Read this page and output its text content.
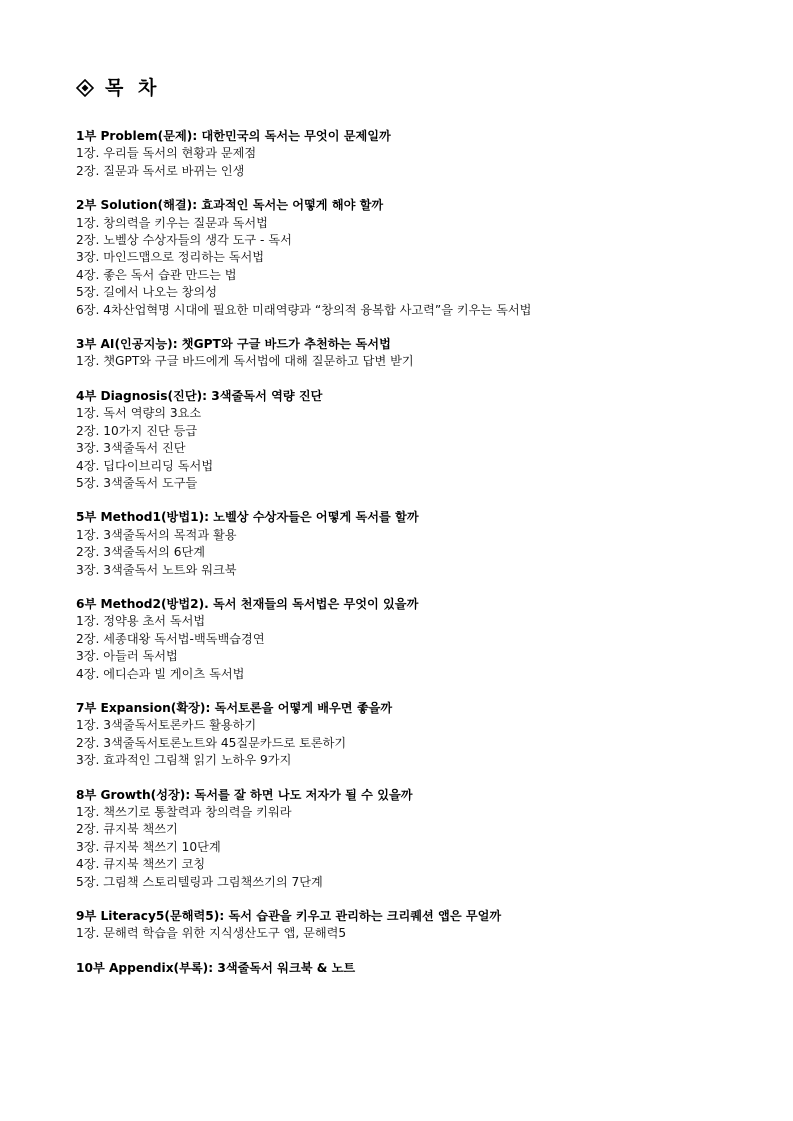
목 차
1부 Problem(문제): 대한민국의 독서는 무엇이 문제일까
1장. 우리들 독서의 현황과 문제점
2장. 질문과 독서로 바뀌는 인생
2부 Solution(해결): 효과적인 독서는 어떻게 해야 할까
1장. 창의력을 키우는 질문과 독서법
2장. 노벨상 수상자들의 생각 도구 - 독서
3장. 마인드맵으로 정리하는 독서법
4장. 좋은 독서 습관 만드는 법
5장. 길에서 나오는 창의성
6장. 4차산업혁명 시대에 필요한 미래역량과 “창의적 융복합 사고력”을 키우는 독서법
3부 AI(인공지능): 챗GPT와 구글 바드가 추천하는 독서법
1장. 챗GPT와 구글 바드에게 독서법에 대해 질문하고 답변 받기
4부 Diagnosis(진단): 3색줄독서 역량 진단
1장. 독서 역량의 3요소
2장. 10가지 진단 등급
3장. 3색줄독서 진단
4장. 딥다이브리딩 독서법
5장. 3색줄독서 도구들
5부 Method1(방법1): 노벨상 수상자들은 어떻게 독서를 할까
1장. 3색줄독서의 목적과 활용
2장. 3색줄독서의 6단계
3장. 3색줄독서 노트와 워크북
6부 Method2(방법2). 독서 천재들의 독서법은 무엇이 있을까
1장. 정약용 초서 독서법
2장. 세종대왕 독서법-백독백습경연
3장. 아들러 독서법
4장. 에디슨과 빌 게이츠 독서법
7부 Expansion(확장): 독서토론을 어떻게 배우면 좋을까
1장. 3색줄독서토론카드 활용하기
2장. 3색줄독서토론노트와 45질문카드로 토론하기
3장. 효과적인 그림책 읽기 노하우 9가지
8부 Growth(성장): 독서를 잘 하면 나도 저자가 될 수 있을까
1장. 책쓰기로 통찰력과 창의력을 키워라
2장. 큐지북 책쓰기
3장. 큐지북 책쓰기 10단계
4장. 큐지북 책쓰기 코칭
5장. 그림책 스토리텔링과 그림책쓰기의 7단계
9부 Literacy5(문해력5): 독서 습관을 키우고 관리하는 크리퀘션 앱은 무얼까
1장. 문해력 학습을 위한 지식생산도구 앱, 문해력5
10부 Appendix(부록): 3색줄독서 워크북 & 노트
